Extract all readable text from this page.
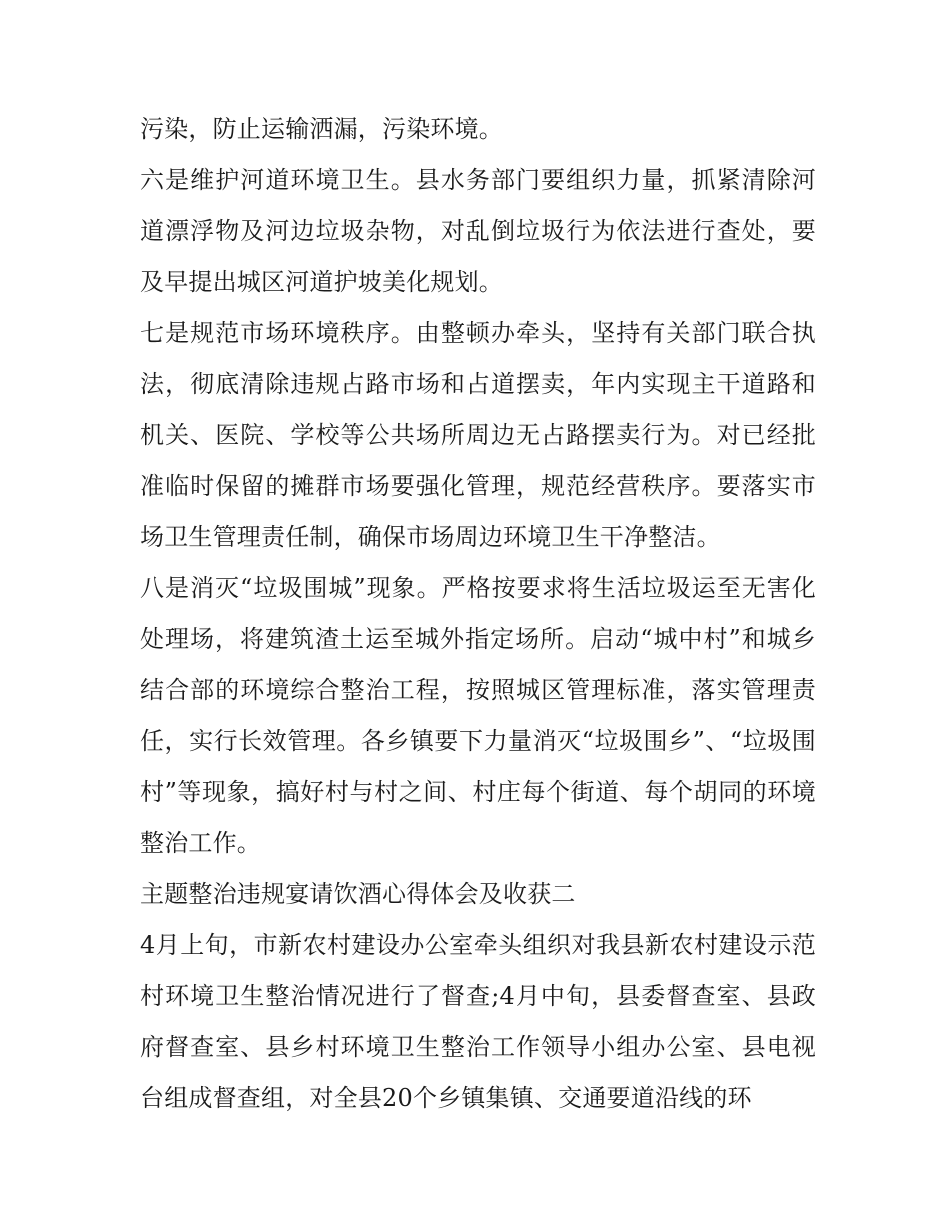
污染，防止运输洒漏，污染环境。

六是维护河道环境卫生。县水务部门要组织力量，抓紧清除河道漂浮物及河边垃圾杂物，对乱倒垃圾行为依法进行查处，要及早提出城区河道护坡美化规划。

七是规范市场环境秩序。由整顿办牵头，坚持有关部门联合执法，彻底清除违规占路市场和占道摆卖，年内实现主干道路和机关、医院、学校等公共场所周边无占路摆卖行为。对已经批准临时保留的摊群市场要强化管理，规范经营秩序。要落实市场卫生管理责任制，确保市场周边环境卫生干净整洁。

八是消灭“垃圾围城”现象。严格按要求将生活垃圾运至无害化处理场，将建筑渣土运至城外指定场所。启动“城中村”和城乡结合部的环境综合整治工程，按照城区管理标准，落实管理责任，实行长效管理。各乡镇要下力量消灭“垃圾围乡”、“垃圾围村”等现象，搞好村与村之间、村庄每个街道、每个胡同的环境整治工作。

主题整治违规宴请饮酒心得体会及收获二

4月上旬，市新农村建设办公室牵头组织对我县新农村建设示范村环境卫生整治情况进行了督查;4月中旬，县委督查室、县政府督查室、县乡村环境卫生整治工作领导小组办公室、县电视台组成督查组，对全县20个乡镇集镇、交通要道沿线的环
